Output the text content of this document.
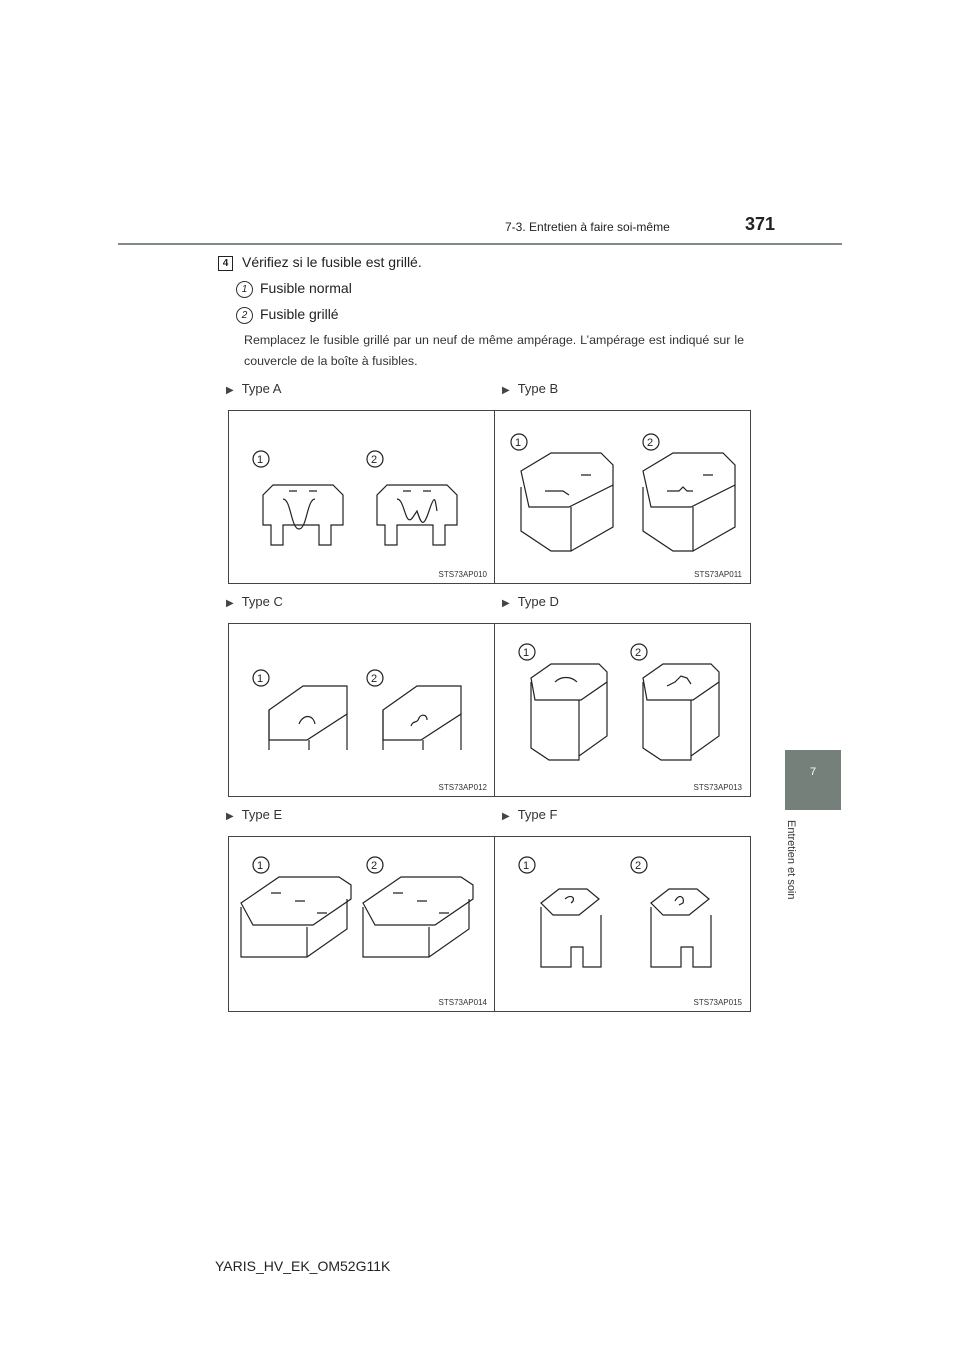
7-3. Entretien à faire soi-même	371
7
Entretien et soin
4 Vérifiez si le fusible est grillé.
1 Fusible normal
2 Fusible grillé
Remplacez le fusible grillé par un neuf de même ampérage. L’ampérage est indiqué sur le couvercle de la boîte à fusibles.
▶ Type A	▶ Type B
▶ Type C	▶ Type D
▶ Type E	▶ Type F
1	2
STS73AP010
1	2
STS73AP011
1	2
STS73AP012
1	2
STS73AP013
1	2
STS73AP014
1	2
STS73AP015
YARIS_HV_EK_OM52G11K
